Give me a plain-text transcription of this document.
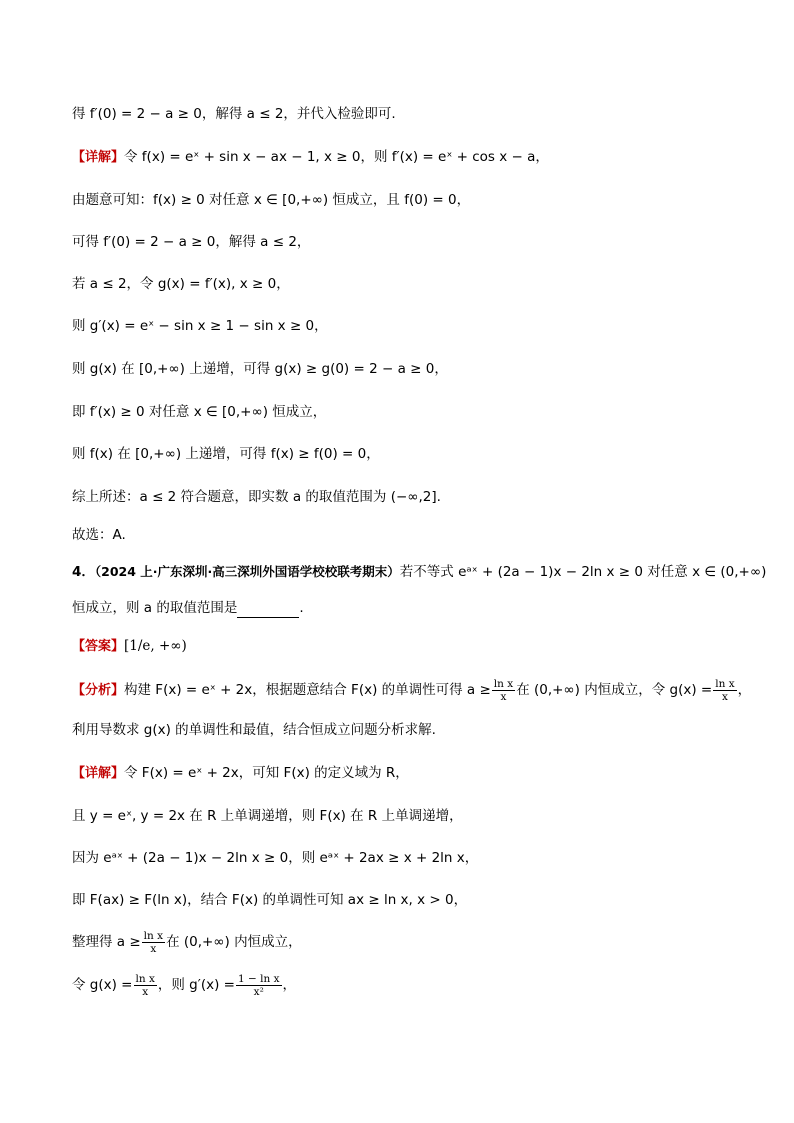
得 f′(0) = 2 − a ≥ 0，解得 a ≤ 2，并代入检验即可.
【详解】令 f(x) = eˣ + sin x − ax − 1, x ≥ 0，则 f′(x) = eˣ + cos x − a，
由题意可知：f(x) ≥ 0 对任意 x ∈ [0,+∞) 恒成立，且 f(0) = 0，
可得 f′(0) = 2 − a ≥ 0，解得 a ≤ 2，
若 a ≤ 2，令 g(x) = f′(x), x ≥ 0，
则 g′(x) = eˣ − sin x ≥ 1 − sin x ≥ 0，
则 g(x) 在 [0,+∞) 上递增，可得 g(x) ≥ g(0) = 2 − a ≥ 0，
即 f′(x) ≥ 0 对任意 x ∈ [0,+∞) 恒成立，
则 f(x) 在 [0,+∞) 上递增，可得 f(x) ≥ f(0) = 0，
综上所述：a ≤ 2 符合题意，即实数 a 的取值范围为 (−∞,2].
故选：A.
4．（2024 上·广东深圳·高三深圳外国语学校校联考期末）若不等式 eᵃˣ + (2a − 1)x − 2ln x ≥ 0 对任意 x ∈ (0,+∞)
恒成立，则 a 的取值范围是	.
【答案】[1/e, +∞)
【分析】构建 F(x) = eˣ + 2x，根据题意结合 F(x) 的单调性可得 $a \ge \frac{\text{ln x}}{x}$ 在 (0,+∞) 内恒成立，令 $g(x) = \frac{\text{ln x}}{x}$ ，
利用导数求 g(x) 的单调性和最值，结合恒成立问题分析求解.
【详解】令 F(x) = eˣ + 2x，可知 F(x) 的定义域为 R，
且 y = eˣ, y = 2x 在 R 上单调递增，则 F(x) 在 R 上单调递增，
因为 eᵃˣ + (2a − 1)x − 2ln x ≥ 0，则 eᵃˣ + 2ax ≥ x + 2ln x，
即 F(ax) ≥ F(ln x)，结合 F(x) 的单调性可知 ax ≥ ln x, x > 0，
整理得 $a \ge \frac{\text{ln x}}{x}$ 在 (0,+∞) 内恒成立，
令 $g(x) = \frac{\text{ln x}}{x}$ ，则 $g'(x) = \frac{\text{1 − ln x}}{\text{x²}}$ ，
